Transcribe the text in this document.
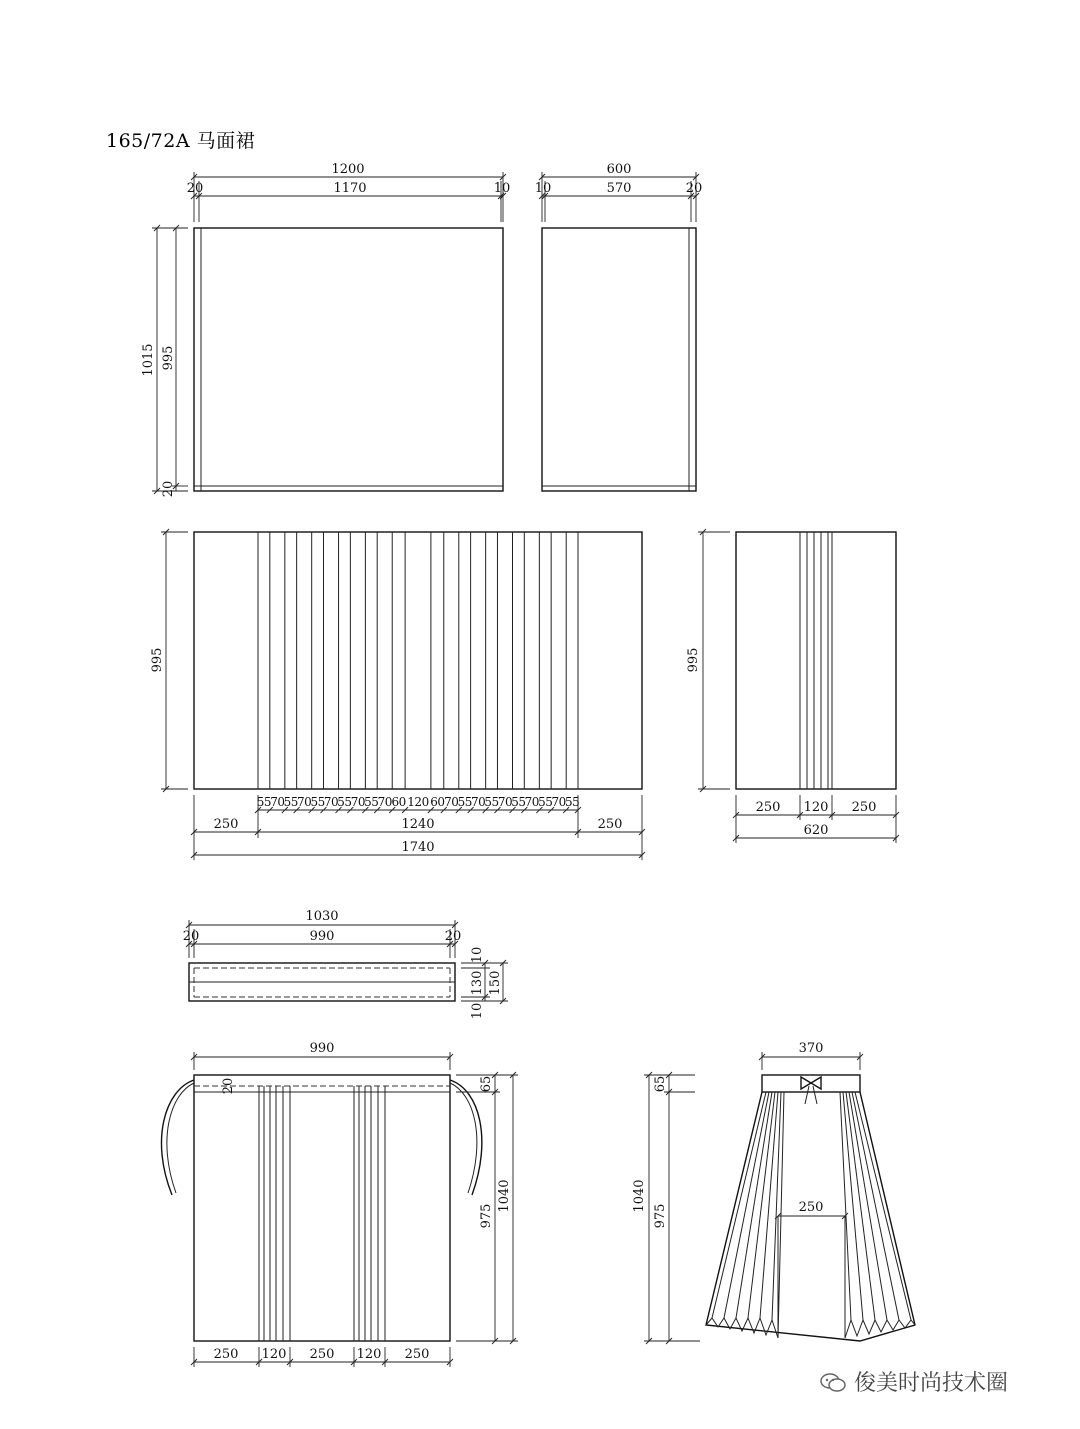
165/72A 马面裙
1200
20	1170	10
1015 995
20
600
10	570	20
995
55 70 55 70 55 70 55 70 55 70 60 120 60 70 55 70 55 70 55 70 55 70 55
250	1240	250
1740
995
250 120 250
620
1030
20	990	20
10
130
10
150
20
990
65
975
1040
250 120 250 120 250
250
370
1040
65
975
俊美时尚技术圈
